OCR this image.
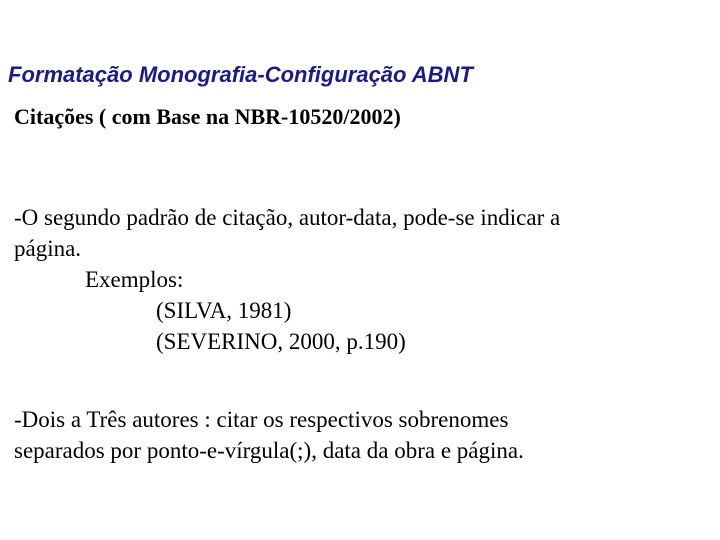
Formatação Monografia-Configuração ABNT
Citações ( com Base na NBR-10520/2002)
-O segundo padrão de citação, autor-data, pode-se indicar a
página.
Exemplos:
(SILVA, 1981)
(SEVERINO, 2000, p.190)
-Dois a Três autores : citar os respectivos sobrenomes
separados por ponto-e-vírgula(;), data da obra e página.
